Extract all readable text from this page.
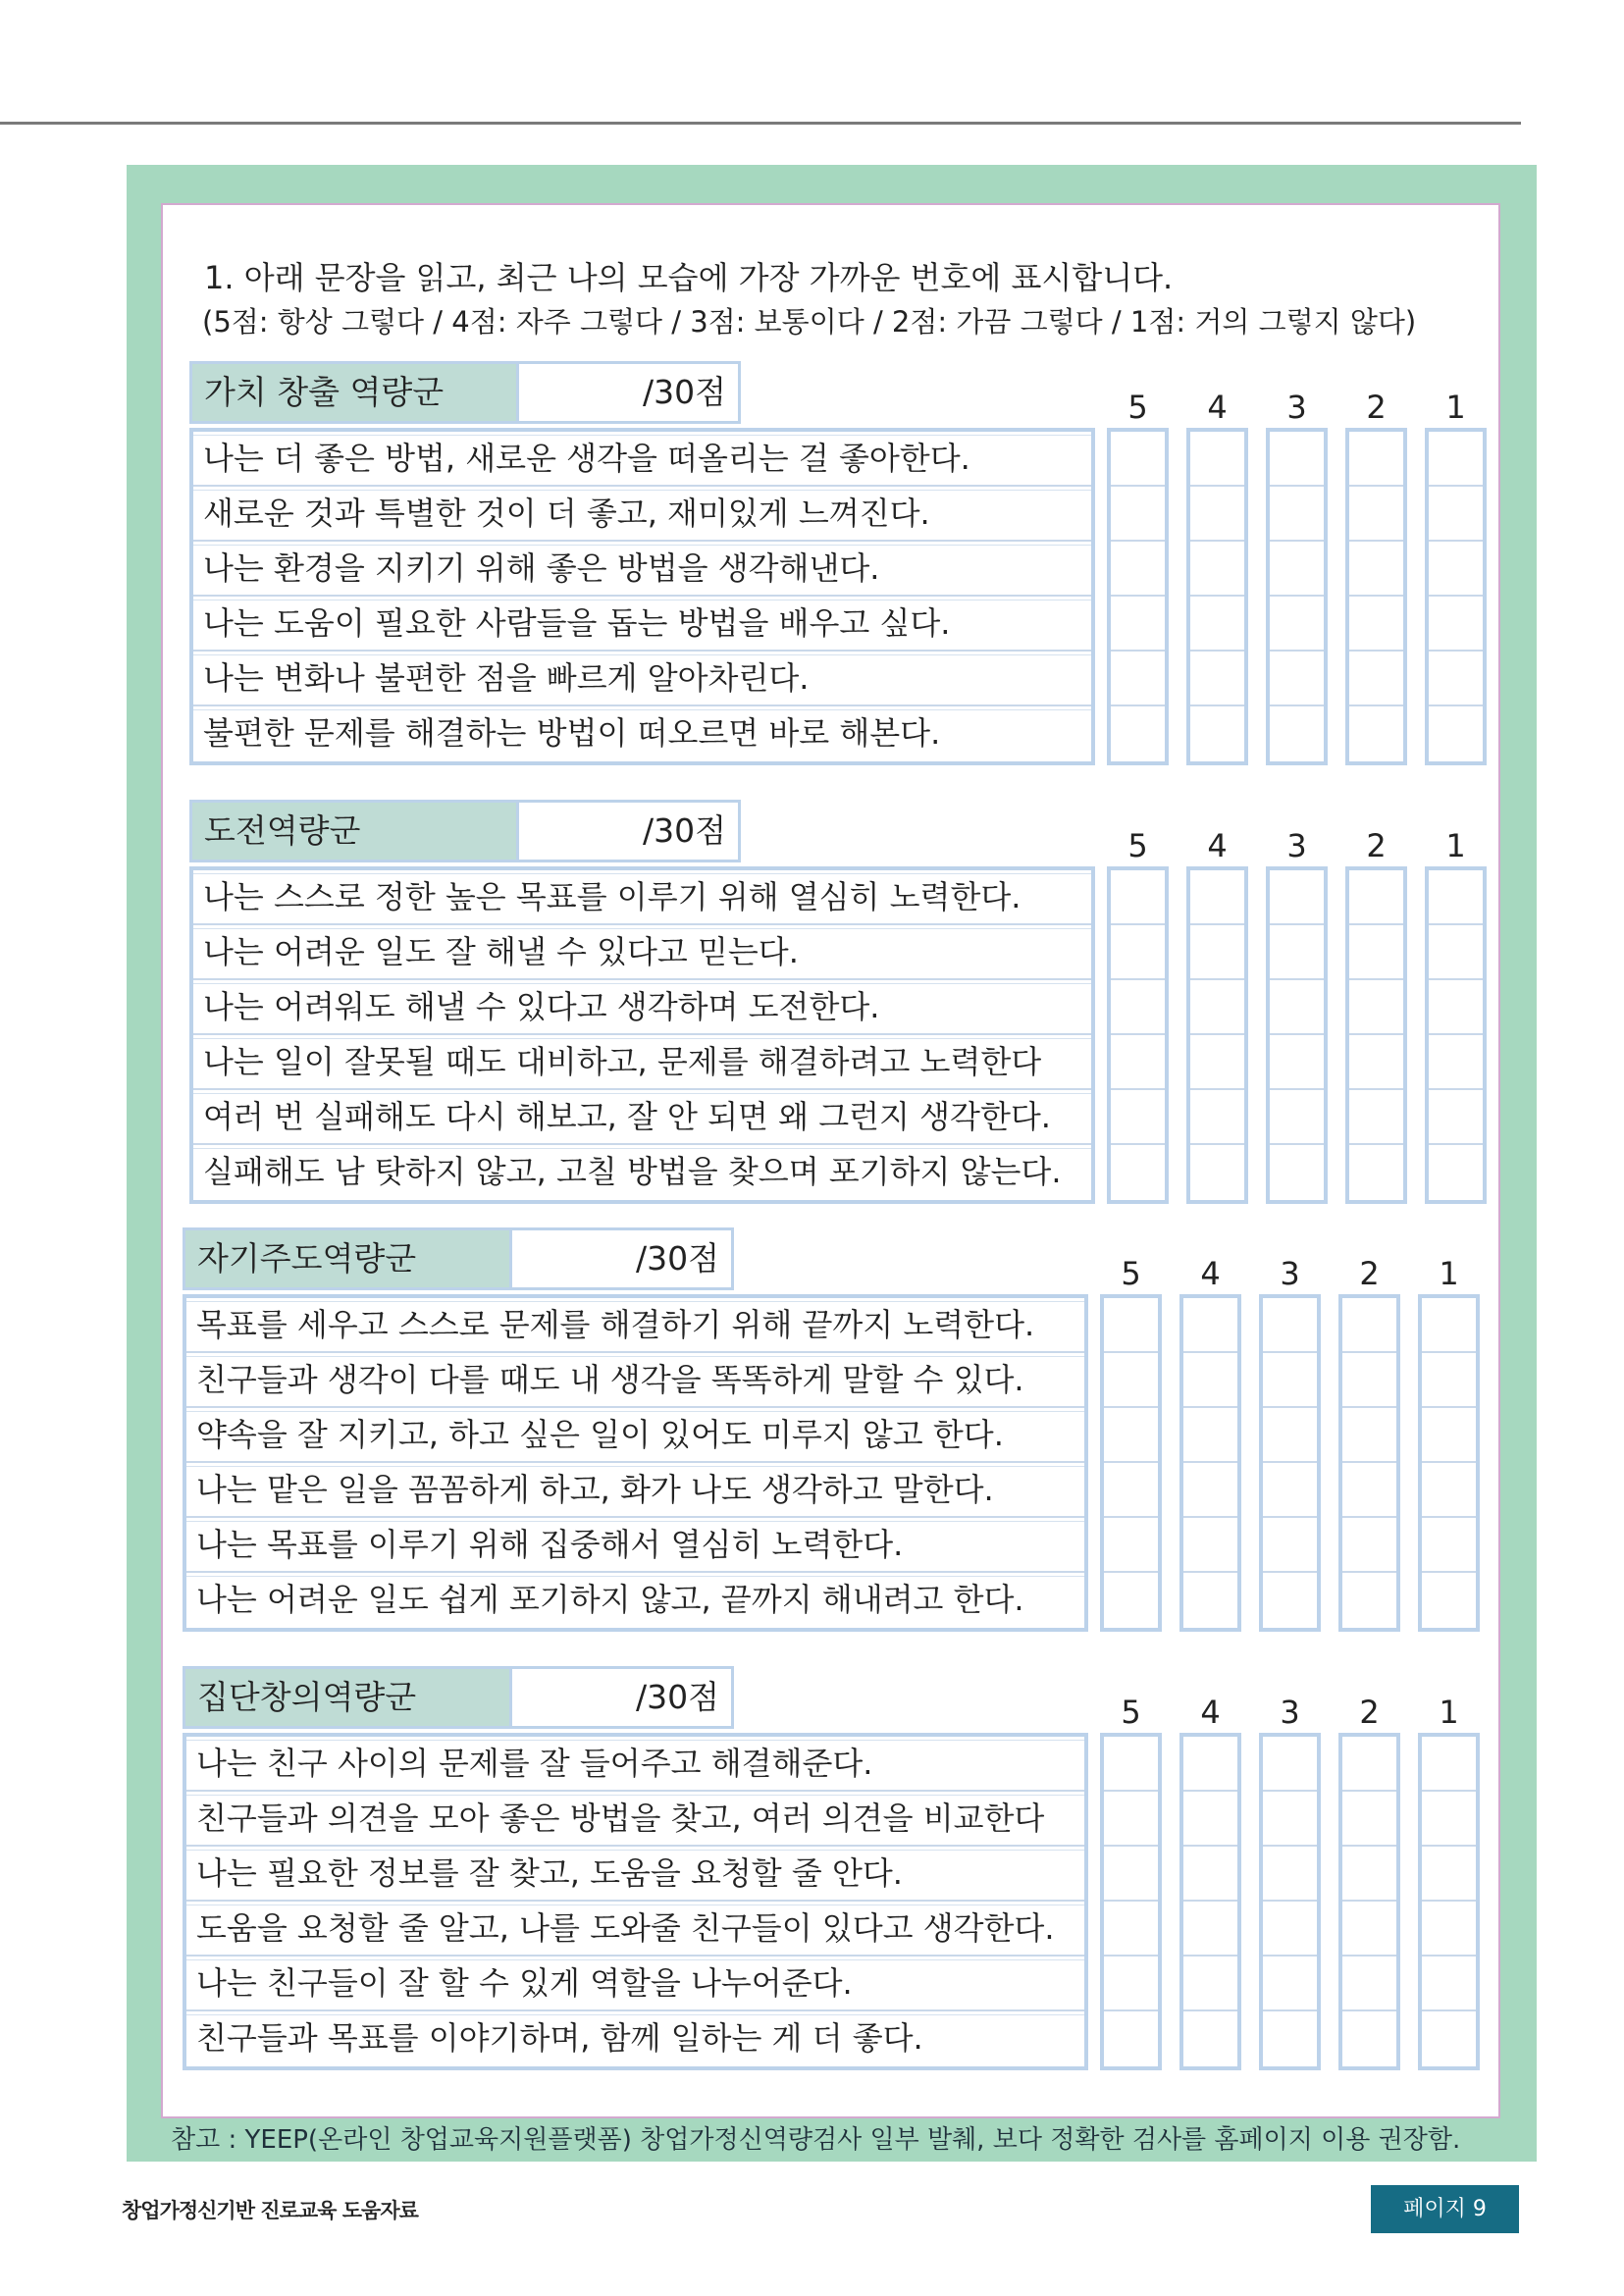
1. 아래 문장을 읽고, 최근 나의 모습에 가장 가까운 번호에 표시합니다.
(5점: 항상 그렇다 / 4점: 자주 그렇다 / 3점: 보통이다 / 2점: 가끔 그렇다 / 1점: 거의 그렇지 않다)
가치 창출 역량군	/30점	5	4	3	2	1
나는 더 좋은 방법, 새로운 생각을 떠올리는 걸 좋아한다.
새로운 것과 특별한 것이 더 좋고, 재미있게 느껴진다.
나는 환경을 지키기 위해 좋은 방법을 생각해낸다.
나는 도움이 필요한 사람들을 돕는 방법을 배우고 싶다.
나는 변화나 불편한 점을 빠르게 알아차린다.
불편한 문제를 해결하는 방법이 떠오르면 바로 해본다.
도전역량군	/30점	5	4	3	2	1
나는 스스로 정한 높은 목표를 이루기 위해 열심히 노력한다.
나는 어려운 일도 잘 해낼 수 있다고 믿는다.
나는 어려워도 해낼 수 있다고 생각하며 도전한다.
나는 일이 잘못될 때도 대비하고, 문제를 해결하려고 노력한다
여러 번 실패해도 다시 해보고, 잘 안 되면 왜 그런지 생각한다.
실패해도 남 탓하지 않고, 고칠 방법을 찾으며 포기하지 않는다.
자기주도역량군	/30점	5	4	3	2	1
목표를 세우고 스스로 문제를 해결하기 위해 끝까지 노력한다.
친구들과 생각이 다를 때도 내 생각을 똑똑하게 말할 수 있다.
약속을 잘 지키고, 하고 싶은 일이 있어도 미루지 않고 한다.
나는 맡은 일을 꼼꼼하게 하고, 화가 나도 생각하고 말한다.
나는 목표를 이루기 위해 집중해서 열심히 노력한다.
나는 어려운 일도 쉽게 포기하지 않고, 끝까지 해내려고 한다.
집단창의역량군	/30점	5	4	3	2	1
나는 친구 사이의 문제를 잘 들어주고 해결해준다.
친구들과 의견을 모아 좋은 방법을 찾고, 여러 의견을 비교한다
나는 필요한 정보를 잘 찾고, 도움을 요청할 줄 안다.
도움을 요청할 줄 알고, 나를 도와줄 친구들이 있다고 생각한다.
나는 친구들이 잘 할 수 있게 역할을 나누어준다.
친구들과 목표를 이야기하며, 함께 일하는 게 더 좋다.
참고 : YEEP(온라인 창업교육지원플랫폼) 창업가정신역량검사 일부 발췌, 보다 정확한 검사를 홈페이지 이용 권장함.
창업가정신기반 진로교육 도움자료	페이지 9
